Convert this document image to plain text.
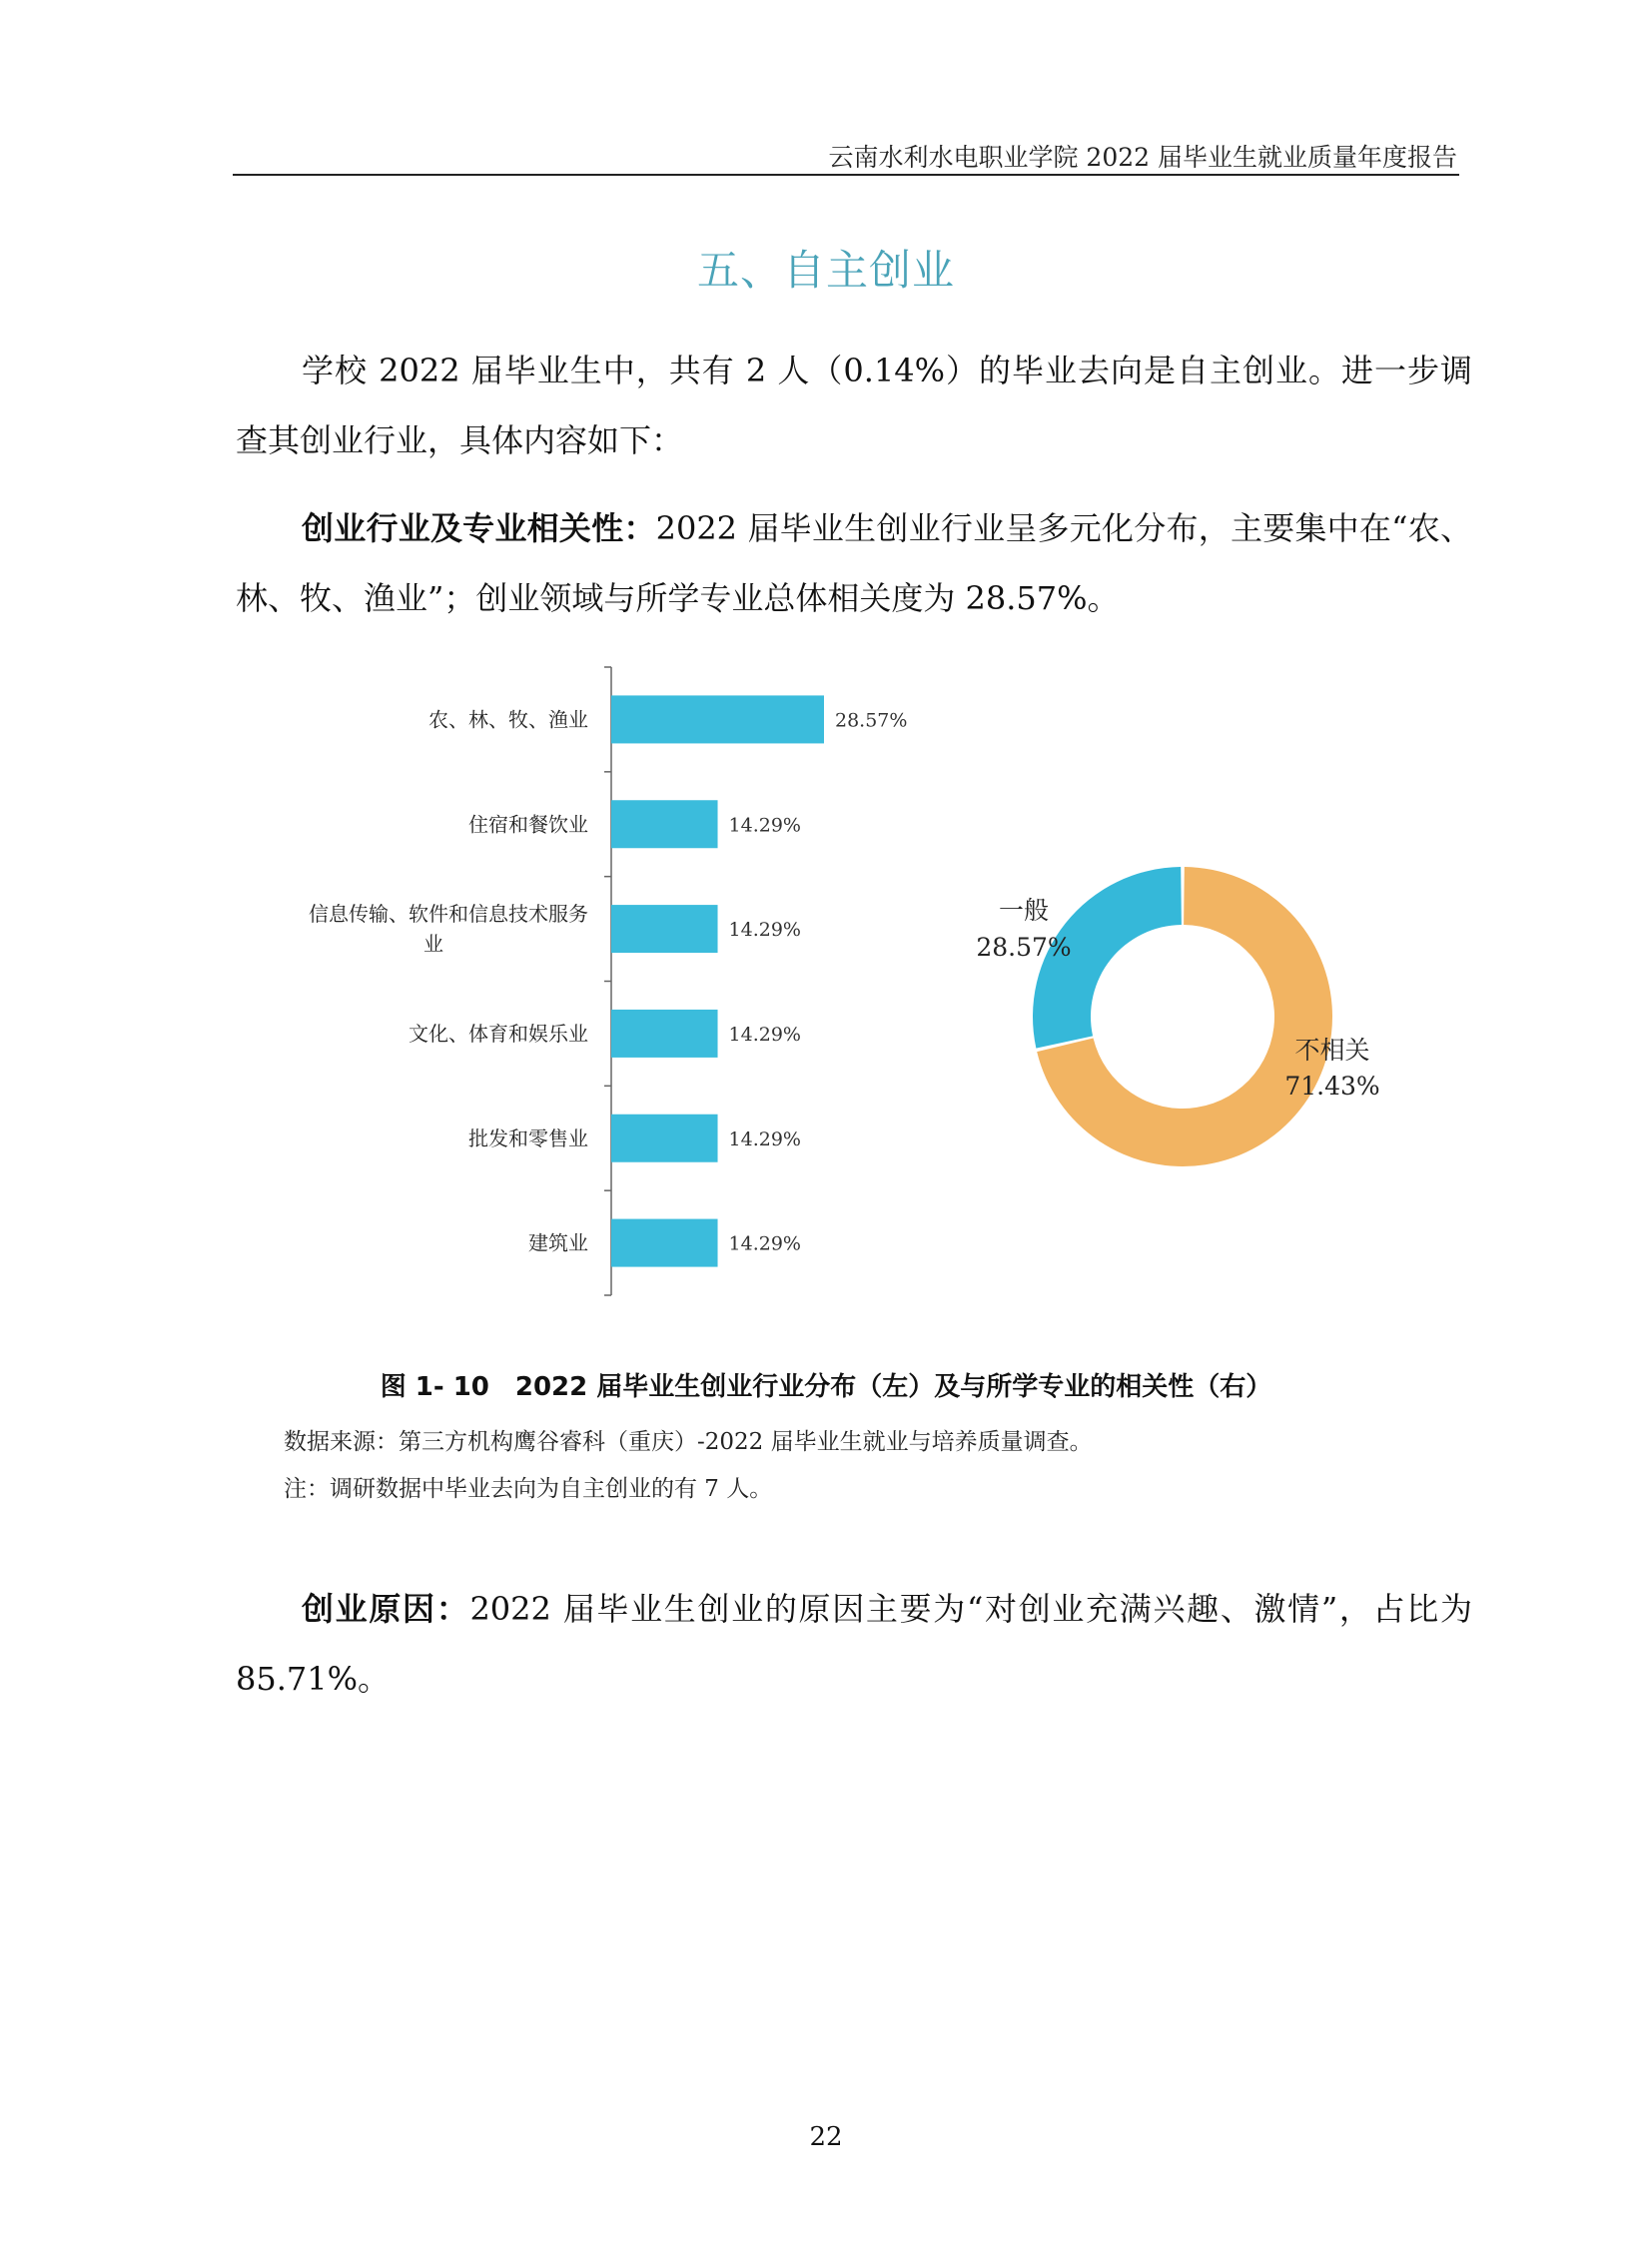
云南水利水电职业学院 2022 届毕业生就业质量年度报告
五、自主创业

学校 2022 届毕业生中，共有 2 人（0.14%）的毕业去向是自主创业。进一步调查其创业行业，具体内容如下：

创业行业及专业相关性：2022 届毕业生创业行业呈多元化分布，主要集中在“农、林、牧、渔业”；创业领域与所学专业总体相关度为 28.57%。

农、林、牧、渔业	28.57%
住宿和餐饮业	14.29%
信息传输、软件和信息技术服务
业
14.29%
文化、体育和娱乐业	14.29%
批发和零售业	14.29%
建筑业	14.29%
一般
28.57%
不相关
71.43%
图 1- 10　2022 届毕业生创业行业分布（左）及与所学专业的相关性（右）
数据来源：第三方机构鹰谷睿科（重庆）-2022 届毕业生就业与培养质量调查。
注：调研数据中毕业去向为自主创业的有 7 人。

创业原因：2022 届毕业生创业的原因主要为“对创业充满兴趣、激情”，占比为 85.71%。

22
